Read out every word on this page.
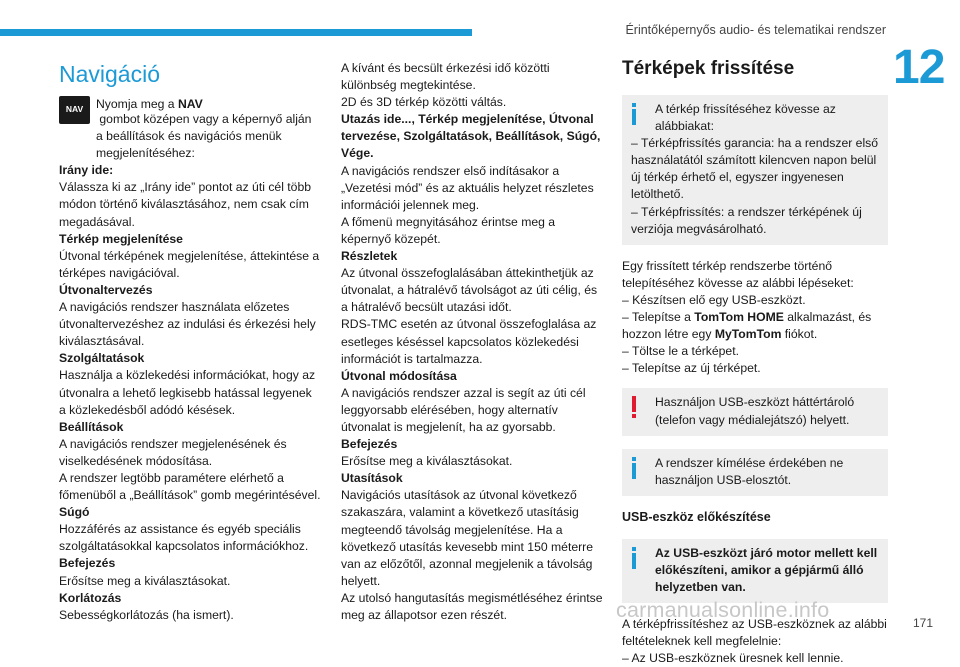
Érintőképernyős audio- és telematikai rendszer
12
Navigáció
NAV	Nyomja meg a NAV

gombot középen vagy a képernyő alján a beállítások és navigációs menük megjelenítéséhez:

Irány ide:

Válassza ki az „Irány ide” pontot az úti cél több módon történő kiválasztásához, nem csak cím megadásával.

Térkép megjelenítése

Útvonal térképének megjelenítése, áttekintése a térképes navigációval.

Útvonaltervezés

A navigációs rendszer használata előzetes útvonaltervezéshez az indulási és érkezési hely kiválasztásával.

Szolgáltatások

Használja a közlekedési információkat, hogy az útvonalra a lehető legkisebb hatással legyenek a közlekedésből adódó késések.

Beállítások

A navigációs rendszer megjelenésének és viselkedésének módosítása.

A rendszer legtöbb paramétere elérhető a főmenüből a „Beállítások” gomb megérintésével.

Súgó

Hozzáférés az assistance és egyéb speciális szolgáltatásokkal kapcsolatos információkhoz.

Befejezés

Erősítse meg a kiválasztásokat.

Korlátozás

Sebességkorlátozás (ha ismert).

A kívánt és becsült érkezési idő közötti különbség megtekintése.

2D és 3D térkép közötti váltás.

Utazás ide..., Térkép megjelenítése, Útvonal tervezése, Szolgáltatások, Beállítások, Súgó, Vége.

A navigációs rendszer első indításakor a „Vezetési mód” és az aktuális helyzet részletes információi jelennek meg.

A főmenü megnyitásához érintse meg a képernyő közepét.

Részletek

Az útvonal összefoglalásában áttekinthetjük az útvonalat, a hátralévő távolságot az úti célig, és a hátralévő becsült utazási időt.

RDS-TMC esetén az útvonal összefoglalása az esetleges késéssel kapcsolatos közlekedési információt is tartalmazza.

Útvonal módosítása

A navigációs rendszer azzal is segít az úti cél leggyorsabb elérésében, hogy alternatív útvonalat is megjelenít, ha az gyorsabb.

Befejezés

Erősítse meg a kiválasztásokat.

Utasítások

Navigációs utasítások az útvonal következő szakaszára, valamint a következő utasításig megteendő távolság megjelenítése. Ha a következő utasítás kevesebb mint 150 méterre van az előzőtől, azonnal megjelenik a távolság helyett.

Az utolsó hangutasítás megismétléséhez érintse meg az állapotsor ezen részét.

Térképek frissítése

A térkép frissítéséhez kövesse az alábbiakat:

– Térképfrissítés garancia: ha a rendszer első használatától számított kilencven napon belül új térkép érhető el, egyszer ingyenesen letölthető.

– Térképfrissítés: a rendszer térképének új verziója megvásárolható.

Egy frissített térkép rendszerbe történő telepítéséhez kövesse az alábbi lépéseket:

– Készítsen elő egy USB-eszközt.

– Telepítse a TomTom HOME alkalmazást, és hozzon létre egy MyTomTom fiókot.

– Töltse le a térképet.

– Telepítse az új térképet.

Használjon USB-eszközt háttértároló (telefon vagy médialejátszó) helyett.

A rendszer kímélése érdekében ne használjon USB-elosztót.

USB-eszköz előkészítése

Az USB-eszközt járó motor mellett kell előkészíteni, amikor a gépjármű álló helyzetben van.

A térképfrissítéshez az USB-eszköznek az alábbi feltételeknek kell megfelelnie:

– Az USB-eszköznek üresnek kell lennie.

carmanualsonline.info
171
